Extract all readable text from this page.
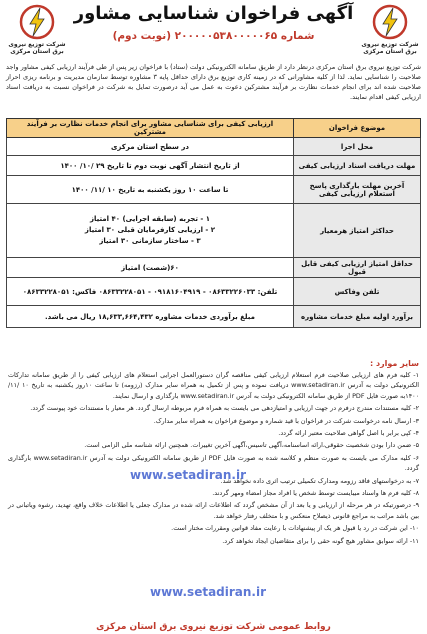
شرکت توزیع نیروی برق استان مرکزی
آگهی فراخوان شناسایی مشاور
شماره ۲۰۰۰۰۰۵۳۸۰۰۰۰۰۶۵ (نوبت دوم)
شرکت توزیع نیروی برق استان مرکزی
شرکت توزیع نیروی برق استان مرکزی درنظر دارد از طریق سامانه الکترونیکی دولت (ستاد) با فراخوان زیر پس از طی فرآیند ارزیابی کیفی مشاور واجد صلاحیت را شناسایی نماید. لذا از کلیه مشاورانی که در زمینه کاری توزیع برق دارای حداقل پایه ۳ مشاوره توسط سازمان مدیریت و برنامه ریزی احراز صلاحیت شده اند برای انجام خدمات نظارت بر فرآیند مشترکین دعوت به عمل می آید درصورت تمایل به شرکت در فراخوان نسبت به دریافت اسناد ارزیابی کیفی اقدام نمایند.
موضوع فراخوان	ارزیابی کیفی برای شناسایی مشاور برای انجام خدمات نظارت بر فرآیند مشترکین
محل اجرا	در سطح استان مرکزی
مهلت دریافت اسناد ارزیابی کیفی	از تاریخ انتشار آگهی نوبت دوم تا تاریخ ۲۹ /۱۰/ ۱۴۰۰
آخرین مهلت بارگذاری پاسخ استعلام ارزیابی کیفی	تا ساعت ۱۰ روز یکشنبه به تاریخ ۱۰ /۱۱/ ۱۴۰۰
حداکثر امتیاز هرمعیار	۱ - تجربه (سابقه اجرایی) ۴۰ امتیاز
۲ - ارزیابی کارفرمایان قبلی ۳۰ امتیاز
۳ - ساختار سازمانی ۳۰ امتیاز

حداقل امتیاز ارزیابی کیفی قابل قبول	۶۰(شصت) امتیاز
تلفن وفاکس	تلفن: ۰۸۶۳۳۲۲۶۰۳۳ - ۰۹۱۸۱۶۰۴۹۱۹ - ۰۸۶۳۳۲۲۸۰۵۱ فاکس: ۰۸۶۳۳۲۲۸۰۵۱
برآورد اولیه مبلغ خدمات مشاوره	مبلغ برآوردی خدمات مشاوره ۱۸,۶۳۳,۶۶۴,۴۳۲ ریال می باشد.
سایر موارد :
۱- کلیه فرم های ارزیابی صلاحیت فرم استعلام ارزیابی کیفی مناقصه گران دستورالعمل اجرایی استعلام های ارزیابی کیفی را از طریق سامانه تدارکات الکترونیکی دولت به آدرس www.setadiran.ir دریافت نموده و پس از تکمیل به همراه سایر مدارک (رزومه) تا ساعت ۱۰روز یکشنبه به تاریخ ۱۰ /۱۱/ ۱۴۰۰به صورت فایل PDF از طریق سامانه الکترونیکی دولت به آدرس www.setadiran.ir بارگذاری و ارسال نمایند.
۲- کلیه مستندات مندرج درفرم در جهت ارزیابی و امتیازدهی می بایست به همراه فرم مربوطه ارسال گردد. هر معیار با مستندات خود پیوست گردد.
۳- ارسال نامه درخواست شرکت در فراخوان با قید شماره و موضوع فراخوان به همراه سایر مدارک.
۴- کپی برابر با اصل گواهی صلاحیت معتبر ارائه گردد.
۵- ضمن دارا بودن شخصیت حقوقی،ارائه اساسنامه،آگهی تاسیس،آگهی آخرین تغییرات. همچنین ارائه شناسه ملی الزامی است.
۶- کلیه مدارک می بایست به صورت منظم و کلاسه شده به صورت فایل PDF از طریق سامانه الکترونیکی دولت به آدرس www.setadiran.ir بارگذاری گردد.
۷- به درخواستهای فاقد رزومه ومدارک تکمیلی ترتیب اثری داده نخواهد شد.
۸- کلیه فرم ها واسناد میبایست توسط شخص یا افراد مجاز امضاء ومهر گردند.
۹- درصورتیکه در هر مرحله از ارزیابی و یا بعد از آن مشخص گردد که اطلاعات ارائه شده در مدارک جعلی یا اطلاعات خلاف واقع، تهدید، رشوه ویاتبانی در بین باشد مراتب به مراجع قانونی ذیصلاح منعکس و با متخلف رفتار خواهد شد.
۱۰- این شرکت در رد یا قبول هر یک از پیشنهادات با رعایت مفاد قوانین ومقررات مختار است.
۱۱- ارائه سوابق مشاور هیچ گونه حقی را برای متقاضیان ایجاد نخواهد کرد.
www.setadiran.ir
www.setadiran.ir
روابط عمومی شرکت توزیع نیروی برق استان مرکزی
